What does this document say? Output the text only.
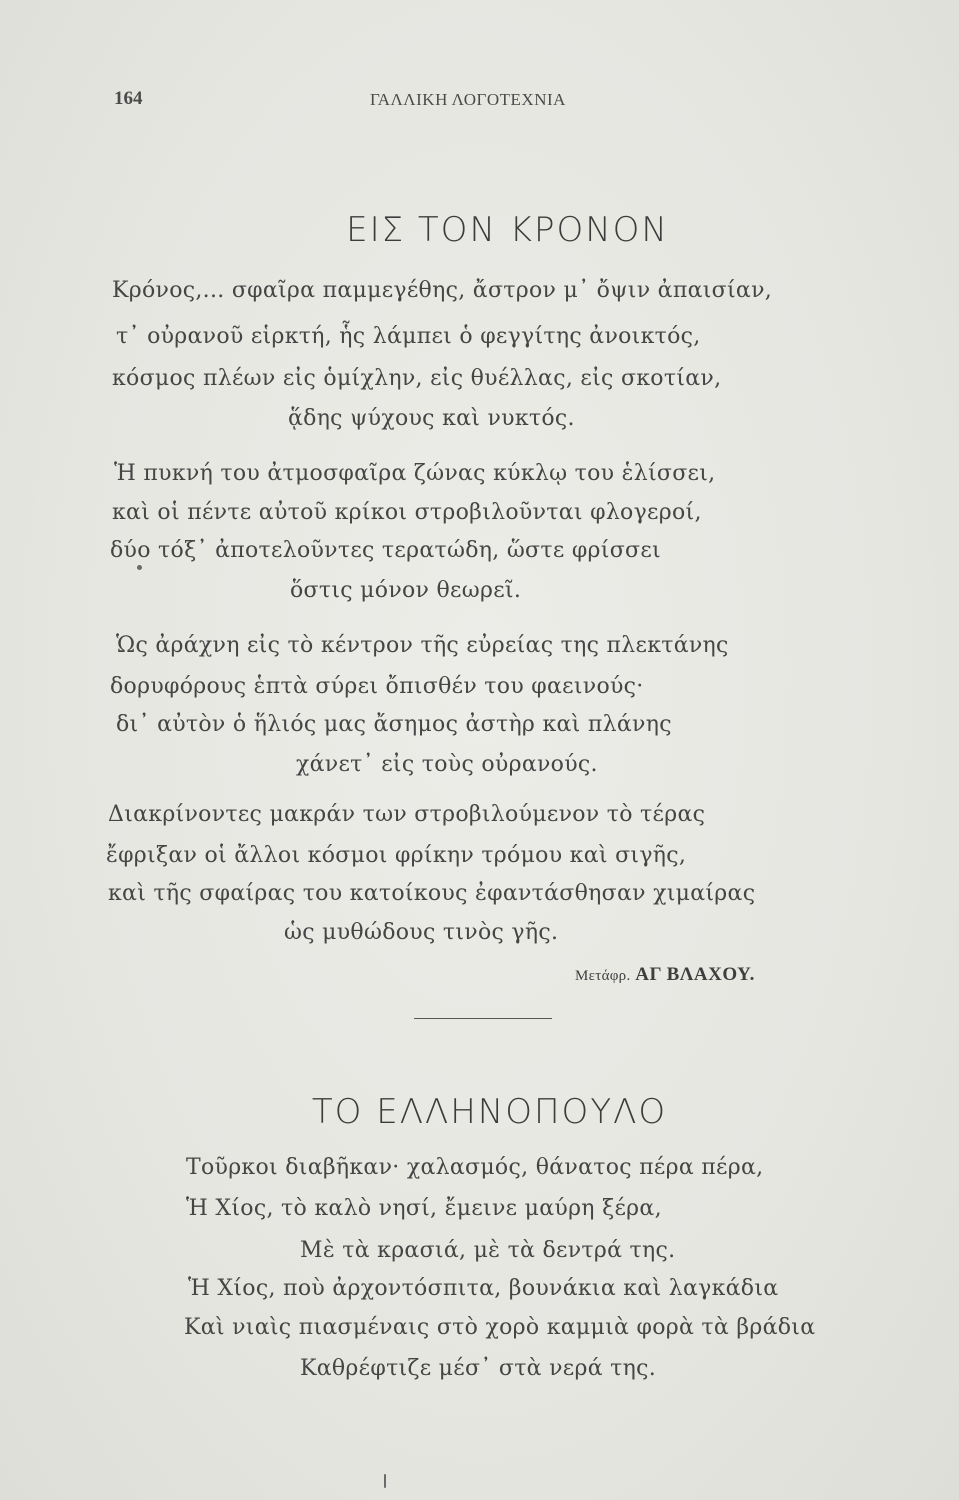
164	ΓΑΛΛΙΚΗ ΛΟΓΟΤΕΧΝΙΑ
ΕΙΣ ΤΟΝ ΚΡΟΝΟΝ
Κρόνος,... σφαῖρα παμμεγέθης, ἄστρον μ᾽ ὄψιν ἀπαισίαν,
τ᾽ οὐρανοῦ εἱρκτή, ἧς λάμπει ὁ φεγγίτης ἀνοικτός,
κόσμος πλέων εἰς ὁμίχλην, εἰς θυέλλας, εἰς σκοτίαν,
ᾅδης ψύχους καὶ νυκτός.
Ἡ πυκνή του ἀτμοσφαῖρα ζώνας κύκλῳ του ἑλίσσει,
καὶ οἱ πέντε αὐτοῦ κρίκοι στροβιλοῦνται φλογεροί,
δύο τόξ᾽ ἀποτελοῦντες τερατώδη, ὥστε φρίσσει
ὅστις μόνον θεωρεῖ.
Ὡς ἀράχνη εἰς τὸ κέντρον τῆς εὐρείας της πλεκτάνης
δορυφόρους ἑπτὰ σύρει ὄπισθέν του φαεινούς·
δι᾽ αὐτὸν ὁ ἥλιός μας ἄσημος ἀστὴρ καὶ πλάνης
χάνετ᾽ εἰς τοὺς οὐρανούς.
Διακρίνοντες μακράν των στροβιλούμενον τὸ τέρας
ἔφριξαν οἱ ἄλλοι κόσμοι φρίκην τρόμου καὶ σιγῆς,
καὶ τῆς σφαίρας του κατοίκους ἐφαντάσθησαν χιμαίρας
ὡς μυθώδους τινὸς γῆς.
Μετάφρ. ΑΓ ΒΛΑΧΟΥ.
ΤΟ ΕΛΛΗΝΟΠΟΥΛΟ
Τοῦρκοι διαβῆκαν· χαλασμός, θάνατος πέρα πέρα,
Ἡ Χίος, τὸ καλὸ νησί, ἔμεινε μαύρη ξέρα,
Μὲ τὰ κρασιά, μὲ τὰ δεντρά της.
Ἡ Χίος, ποὺ ἀρχοντόσπιτα, βουνάκια καὶ λαγκάδια
Καὶ νιαὶς πιασμέναις στὸ χορὸ καμμιὰ φορὰ τὰ βράδια
Καθρέφτιζε μέσ᾽ στὰ νερά της.
